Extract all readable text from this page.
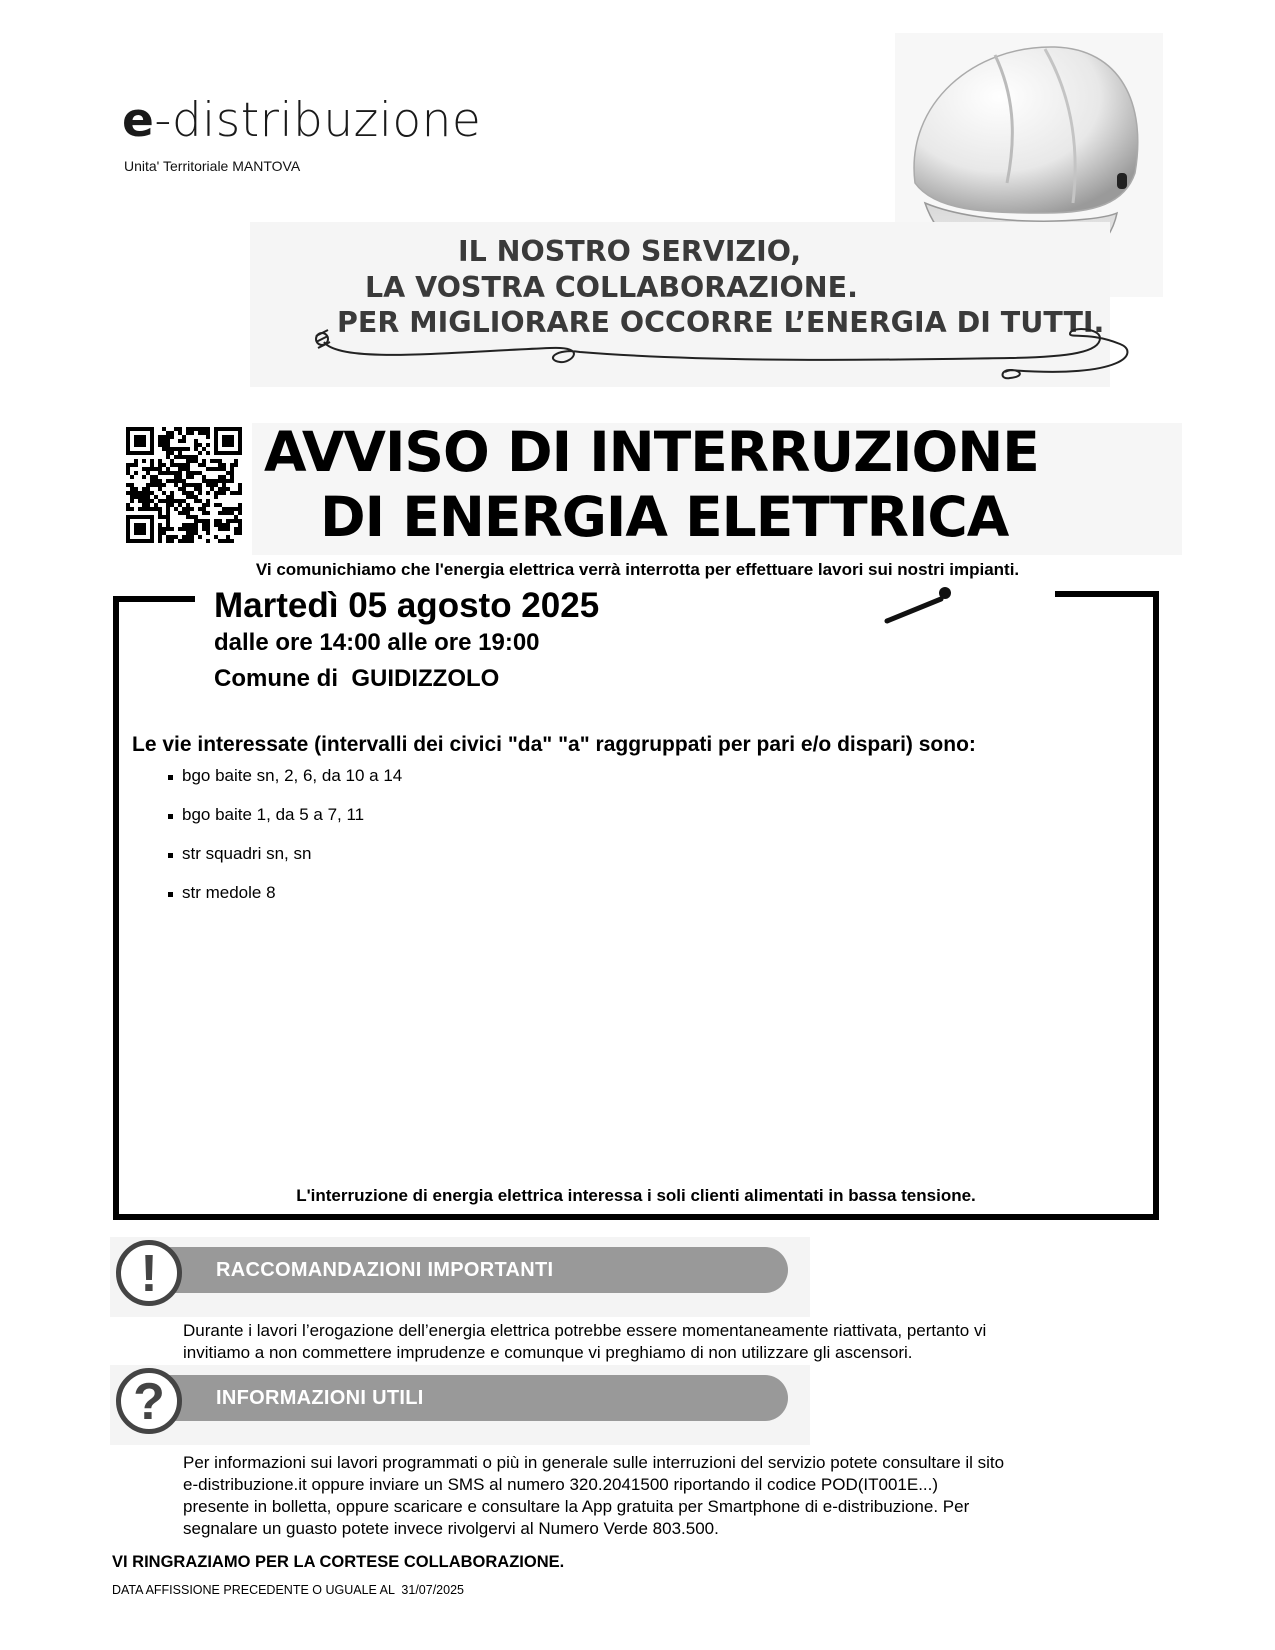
e-distribuzione
Unita' Territoriale MANTOVA
IL NOSTRO SERVIZIO,
LA VOSTRA COLLABORAZIONE.
PER MIGLIORARE OCCORRE L’ENERGIA DI TUTTI.
AVVISO DI INTERRUZIONE
DI ENERGIA ELETTRICA
Vi comunichiamo che l'energia elettrica verrà interrotta per effettuare lavori sui nostri impianti.
Martedì 05 agosto 2025
dalle ore 14:00 alle ore 19:00
Comune di  GUIDIZZOLO
Le vie interessate (intervalli dei civici "da" "a" raggruppati per pari e/o dispari) sono:
bgo baite sn, 2, 6, da 10 a 14
bgo baite 1, da 5 a 7, 11
str squadri sn, sn
str medole 8
L'interruzione di energia elettrica interessa i soli clienti alimentati in bassa tensione.
RACCOMANDAZIONI IMPORTANTI
!
Durante i lavori l’erogazione dell’energia elettrica potrebbe essere momentaneamente riattivata, pertanto vi
invitiamo a non commettere imprudenze e comunque vi preghiamo di non utilizzare gli ascensori.
INFORMAZIONI UTILI
?
Per informazioni sui lavori programmati o più in generale sulle interruzioni del servizio potete consultare il sito
e-distribuzione.it oppure inviare un SMS al numero 320.2041500 riportando il codice POD(IT001E...)
presente in bolletta, oppure scaricare e consultare la App gratuita per Smartphone di e-distribuzione. Per
segnalare un guasto potete invece rivolgervi al Numero Verde 803.500.
VI RINGRAZIAMO PER LA CORTESE COLLABORAZIONE.
DATA AFFISSIONE PRECEDENTE O UGUALE AL  31/07/2025
